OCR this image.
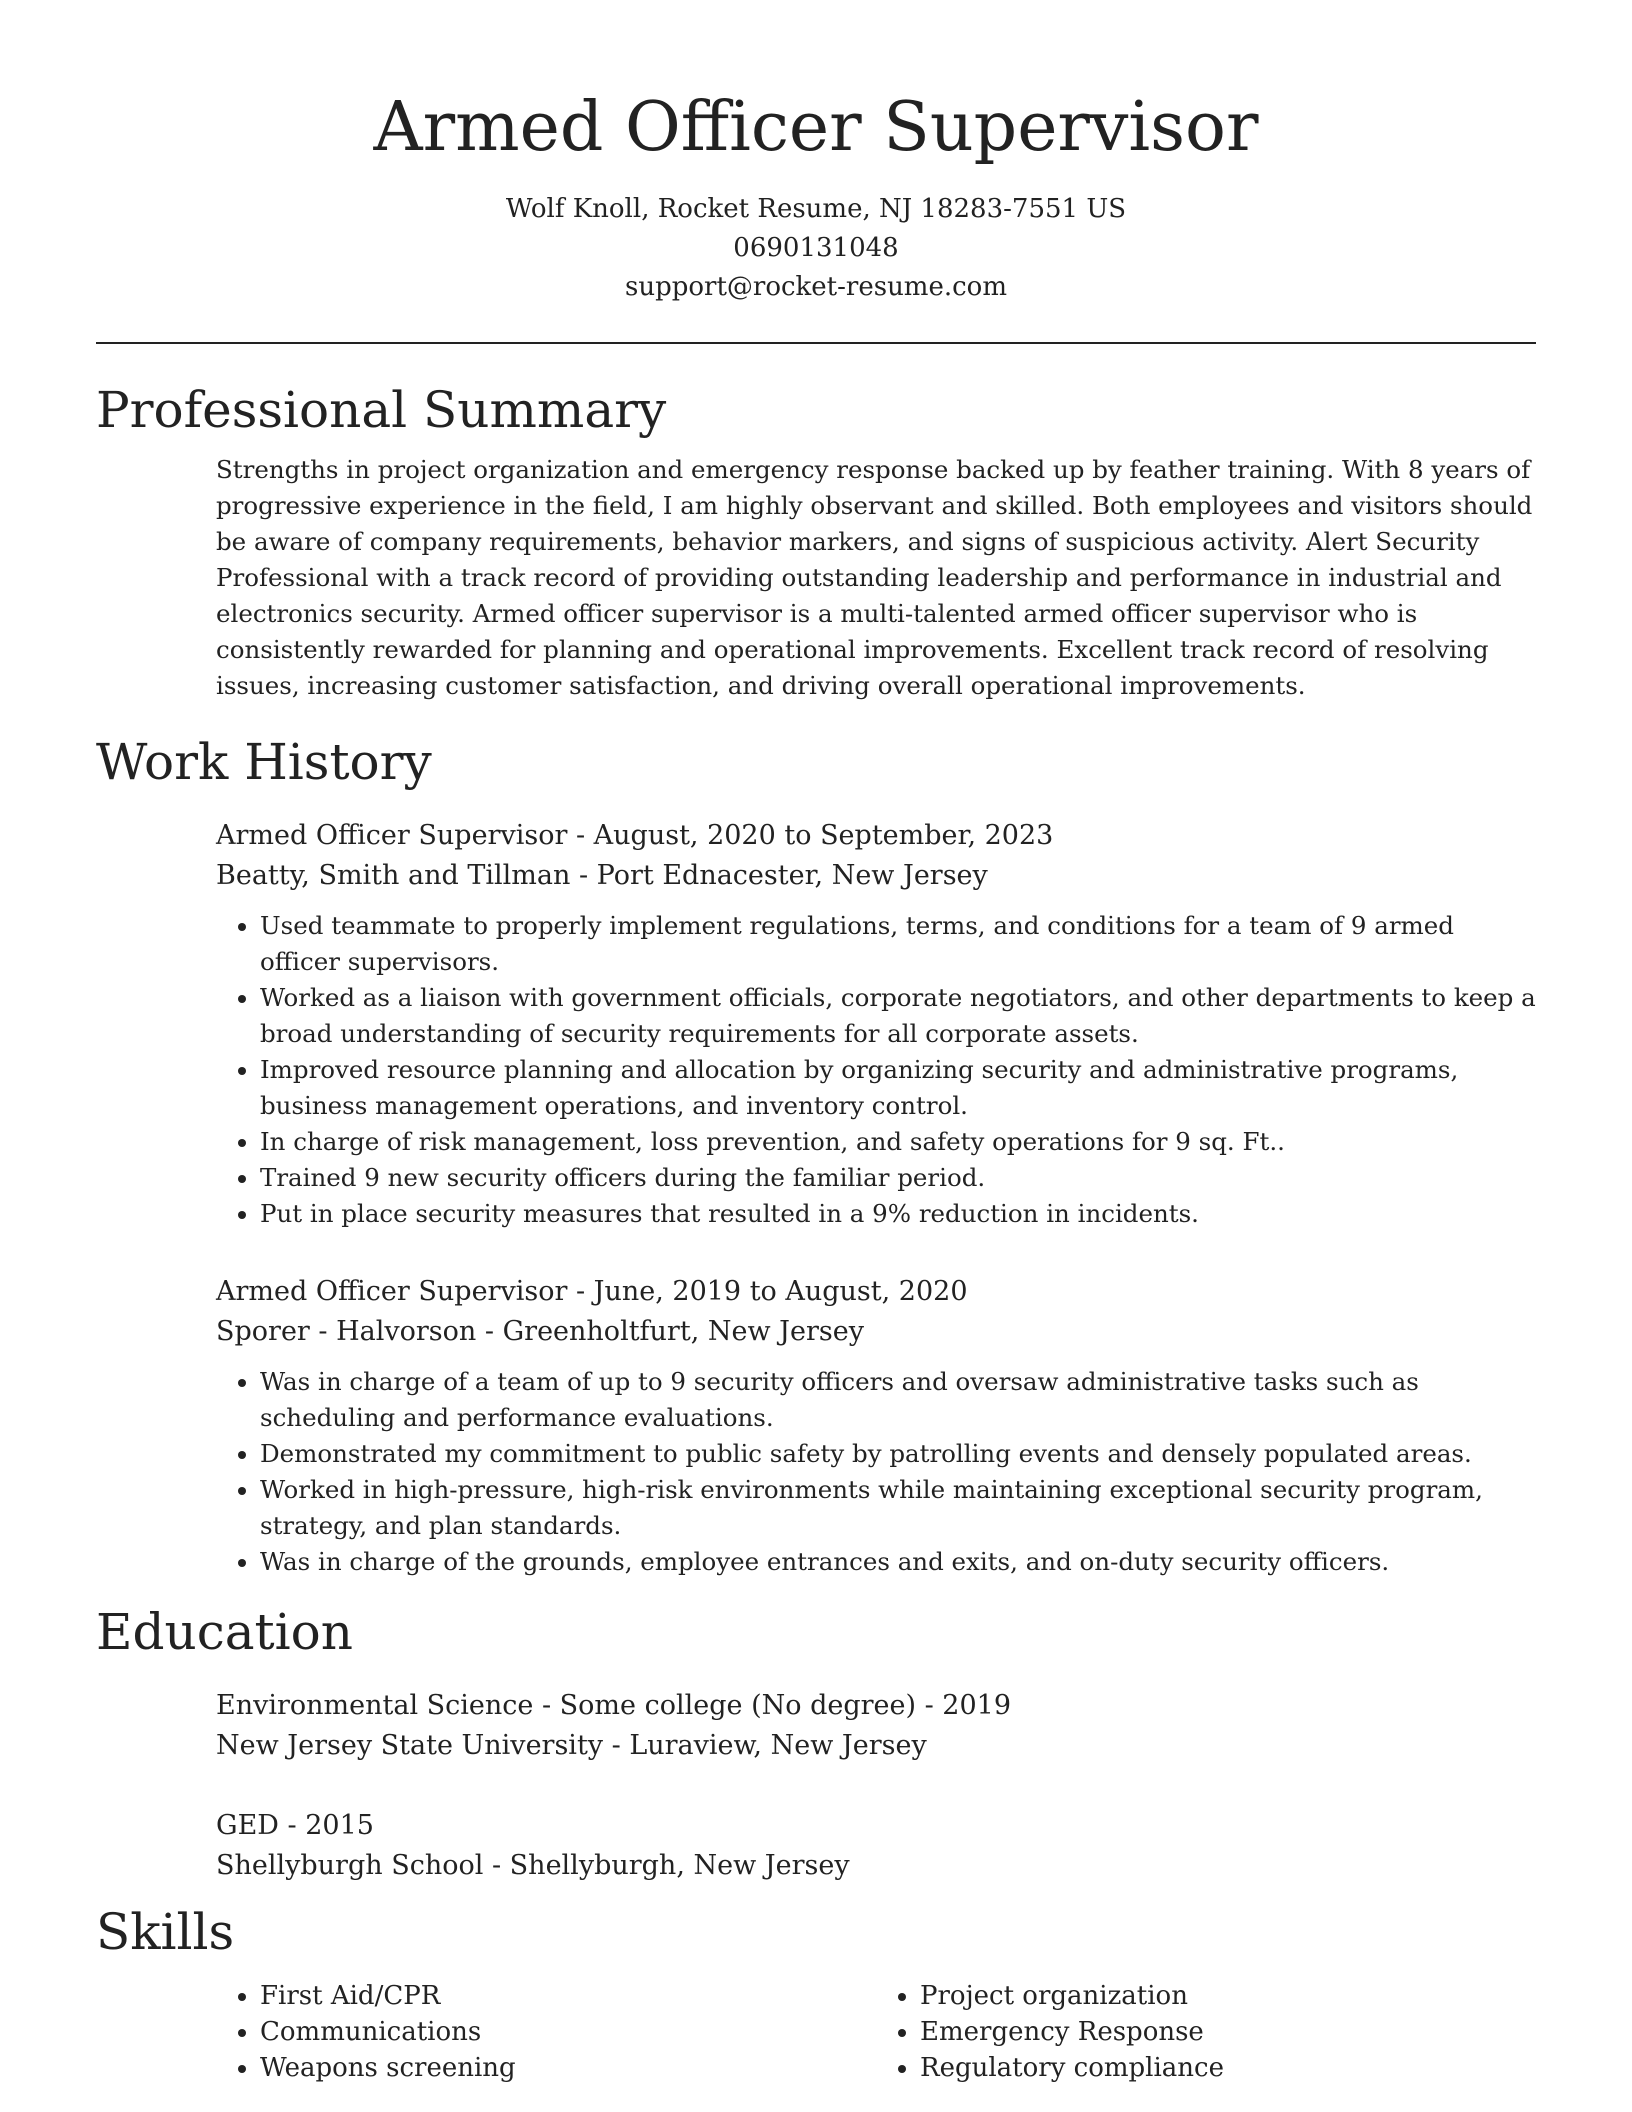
Armed Officer Supervisor
Wolf Knoll, Rocket Resume, NJ 18283-7551 US
0690131048
support@rocket-resume.com
Professional Summary
Strengths in project organization and emergency response backed up by feather training. With 8 years of progressive experience in the field, I am highly observant and skilled. Both employees and visitors should be aware of company requirements, behavior markers, and signs of suspicious activity. Alert Security Professional with a track record of providing outstanding leadership and performance in industrial and electronics security. Armed officer supervisor is a multi-talented armed officer supervisor who is consistently rewarded for planning and operational improvements. Excellent track record of resolving issues, increasing customer satisfaction, and driving overall operational improvements.
Work History
Armed Officer Supervisor - August, 2020 to September, 2023
Beatty, Smith and Tillman - Port Ednacester, New Jersey
• Used teammate to properly implement regulations, terms, and conditions for a team of 9 armed officer supervisors.
• Worked as a liaison with government officials, corporate negotiators, and other departments to keep a broad understanding of security requirements for all corporate assets.
• Improved resource planning and allocation by organizing security and administrative programs, business management operations, and inventory control.
• In charge of risk management, loss prevention, and safety operations for 9 sq. Ft..
• Trained 9 new security officers during the familiar period.
• Put in place security measures that resulted in a 9% reduction in incidents.
Armed Officer Supervisor - June, 2019 to August, 2020
Sporer - Halvorson - Greenholtfurt, New Jersey
• Was in charge of a team of up to 9 security officers and oversaw administrative tasks such as scheduling and performance evaluations.
• Demonstrated my commitment to public safety by patrolling events and densely populated areas.
• Worked in high-pressure, high-risk environments while maintaining exceptional security program, strategy, and plan standards.
• Was in charge of the grounds, employee entrances and exits, and on-duty security officers.
Education
Environmental Science - Some college (No degree) - 2019
New Jersey State University - Luraview, New Jersey
GED - 2015
Shellyburgh School - Shellyburgh, New Jersey
Skills
• First Aid/CPR
• Communications
• Weapons screening
• Project organization
• Emergency Response
• Regulatory compliance
